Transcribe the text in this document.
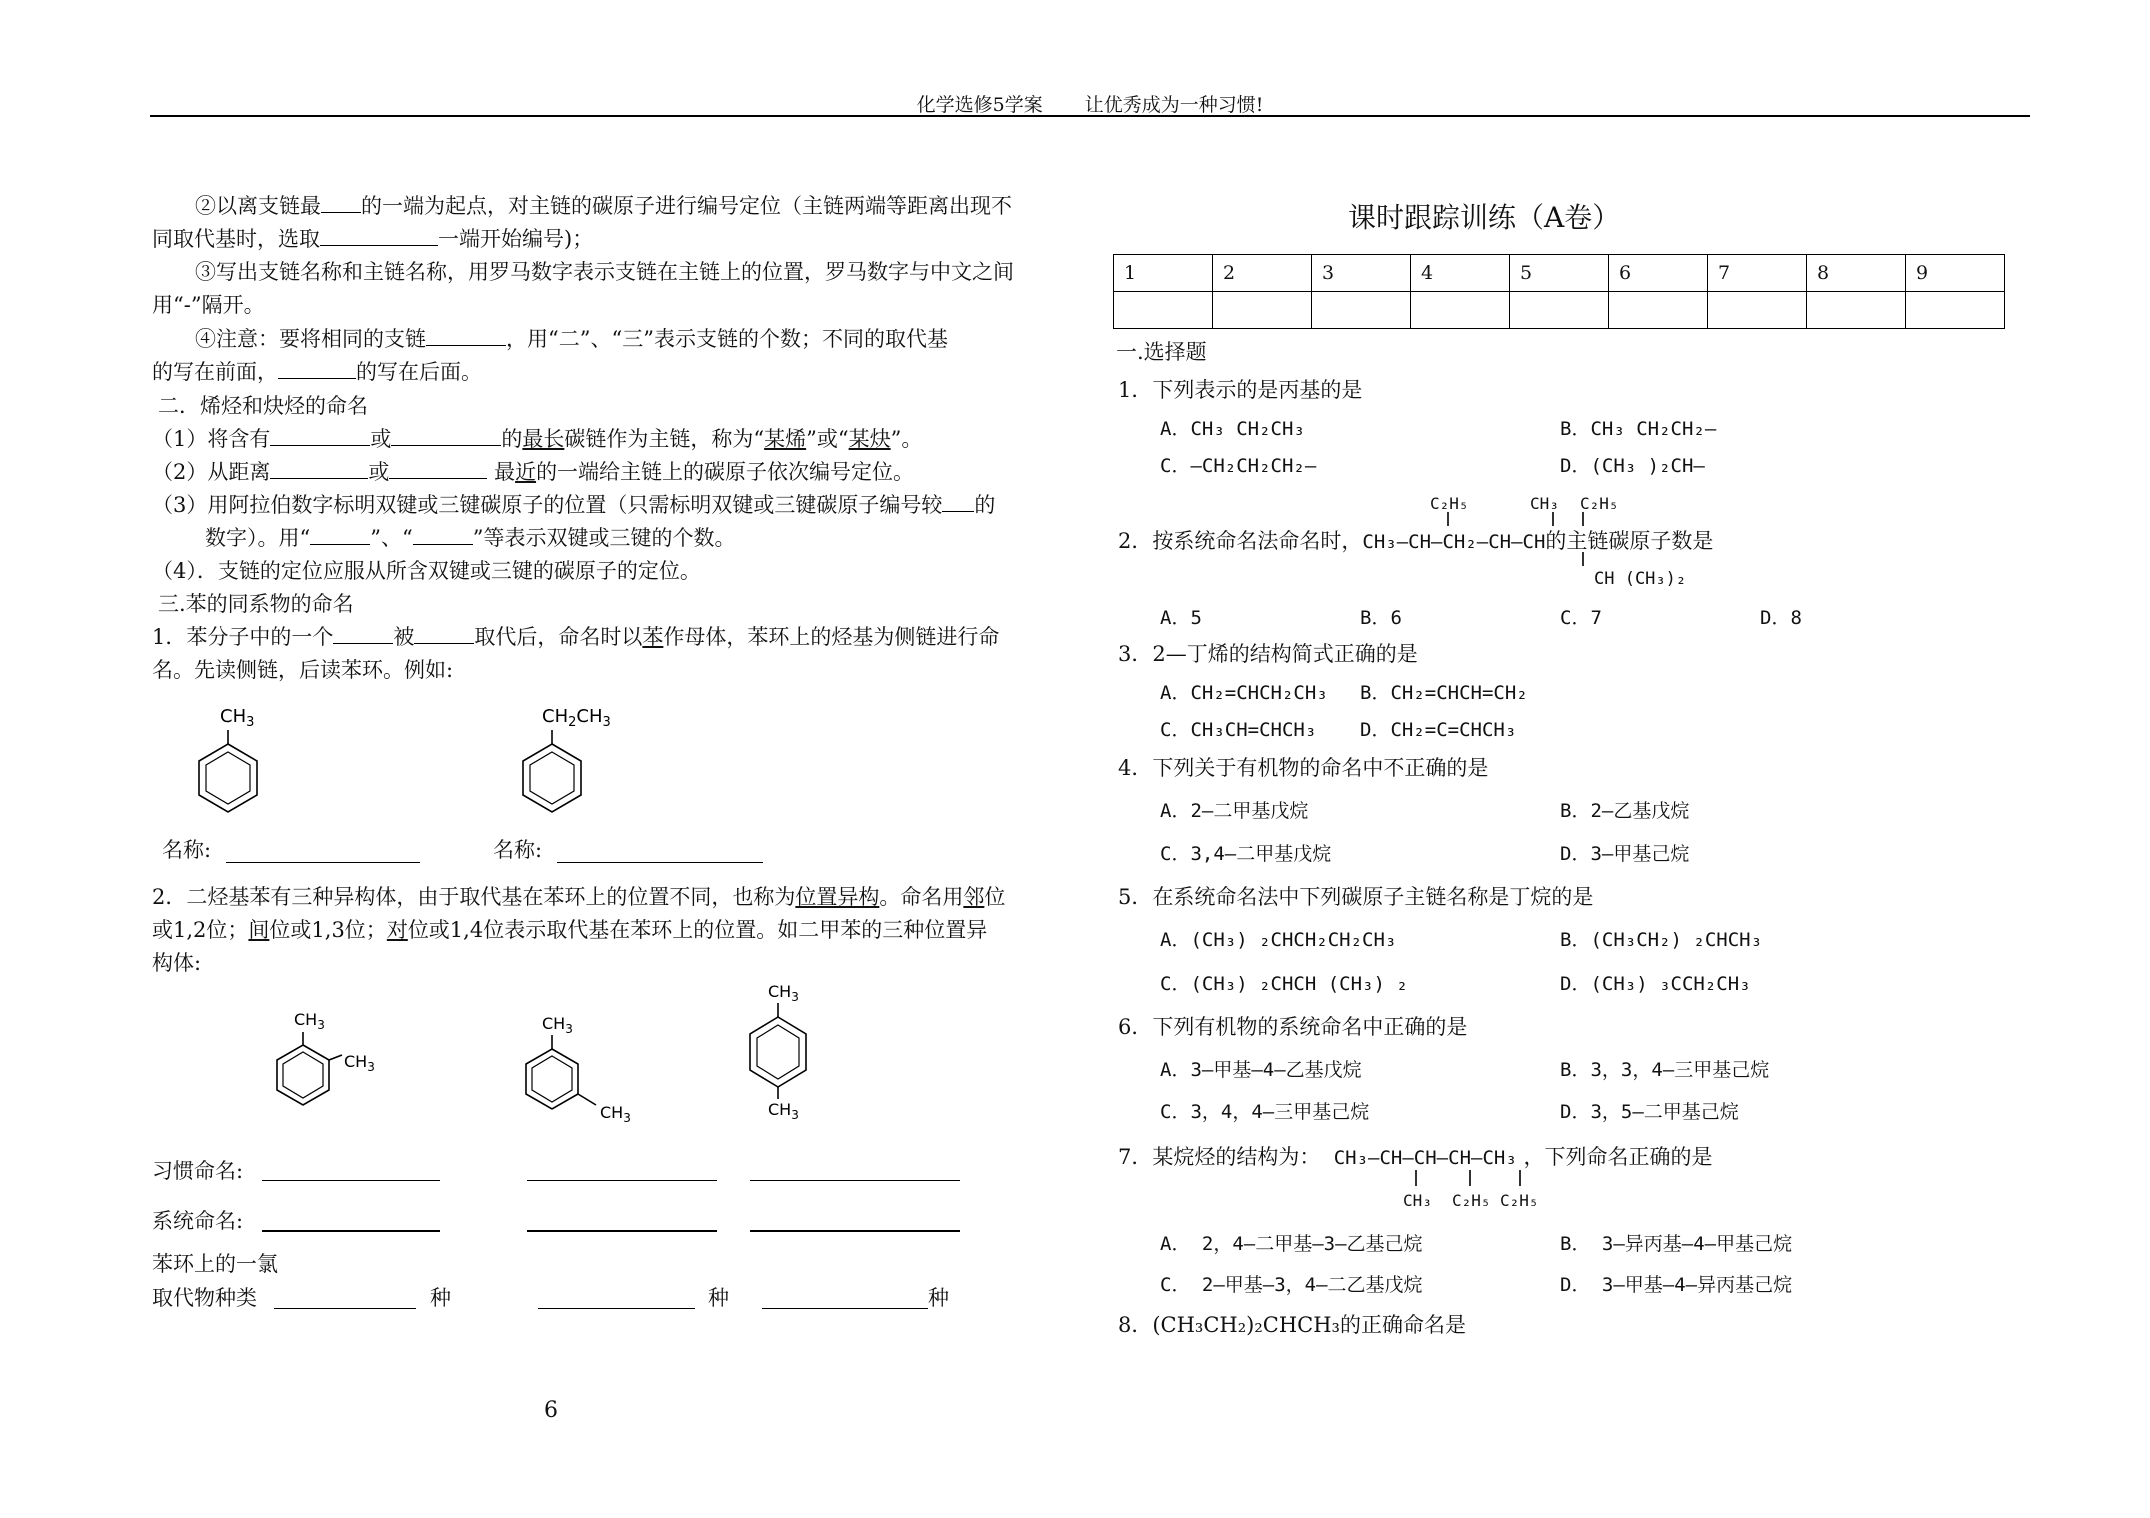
化学选修5学案 让优秀成为一种习惯!
②以离支链最 的一端为起点，对主链的碳原子进行编号定位（主链两端等距离出现不
同取代基时，选取	一端开始编号)；
③写出支链名称和主链名称，用罗马数字表示支链在主链上的位置，罗马数字与中文之间
用“-”隔开。
④注意：要将相同的支链	，用“二”、“三”表示支链的个数；不同的取代基
的写在前面，	的写在后面。
二．烯烃和炔烃的命名
（1）将含有	或	的最长碳链作为主链，称为“某烯”或“某炔”。
（2）从距离	或	最近的一端给主链上的碳原子依次编号定位。
（3）用阿拉伯数字标明双键或三键碳原子的位置（只需标明双键或三键碳原子编号较 的
数字）。用“	”、“	”等表示双键或三键的个数。
（4）．支链的定位应服从所含双键或三键的碳原子的定位。
三.苯的同系物的命名
1．苯分子中的一个	被	取代后，命名时以苯作母体，苯环上的烃基为侧链进行命
名。先读侧链，后读苯环。例如:
$CH_3$	$CH_2CH_3$
名称:	名称:
2．二烃基苯有三种异构体，由于取代基在苯环上的位置不同，也称为位置异构。命名用邻位
或1,2位；间位或1,3位；对位或1,4位表示取代基在苯环上的位置。如二甲苯的三种位置异
构体:
$CH_3$
$CH_3$
$CH_3$
$CH_3$
$CH_3$
$CH_3$
习惯命名:
系统命名:
苯环上的一氯
取代物种类	种	种	种
6
课时跟踪训练（A卷）
1	2	3	4	5	6	7	8	9

一.选择题
1．下列表示的是丙基的是
A．CH₃ CH₂CH₃	B．CH₃ CH₂CH₂—
C．—CH₂CH₂CH₂—	D．(CH₃ )₂CH—
C₂H₅	CH₃ C₂H₅
2．按系统命名法命名时，CH₃—CH—CH₂—CH—CH的主链碳原子数是
CH (CH₃)₂
A．5	B．6	C．7	D．8
3．2—丁烯的结构简式正确的是
A．CH₂=CHCH₂CH₃ B．CH₂=CHCH=CH₂
C．CH₃CH=CHCH₃ D．CH₂=C=CHCH₃
4．下列关于有机物的命名中不正确的是
A．2—二甲基戊烷	B．2—乙基戊烷
C．3,4—二甲基戊烷	D．3—甲基己烷
5．在系统命名法中下列碳原子主链名称是丁烷的是
A．(CH₃) ₂CHCH₂CH₂CH₃	B．(CH₃CH₂) ₂CHCH₃
C．(CH₃) ₂CHCH (CH₃) ₂	D．(CH₃) ₃CCH₂CH₃
6．下列有机物的系统命名中正确的是
A．3—甲基—4—乙基戊烷	B．3，3，4—三甲基己烷
C．3，4，4—三甲基己烷	D．3，5—二甲基己烷
7．某烷烃的结构为： CH₃—CH—CH—CH—CH₃ ，下列命名正确的是
CH₃ C₂H₅ C₂H₅
A． 2，4—二甲基—3—乙基己烷	B． 3—异丙基—4—甲基己烷
C． 2—甲基—3，4—二乙基戊烷	D． 3—甲基—4—异丙基己烷
8．(CH₃CH₂)₂CHCH₃的正确命名是
